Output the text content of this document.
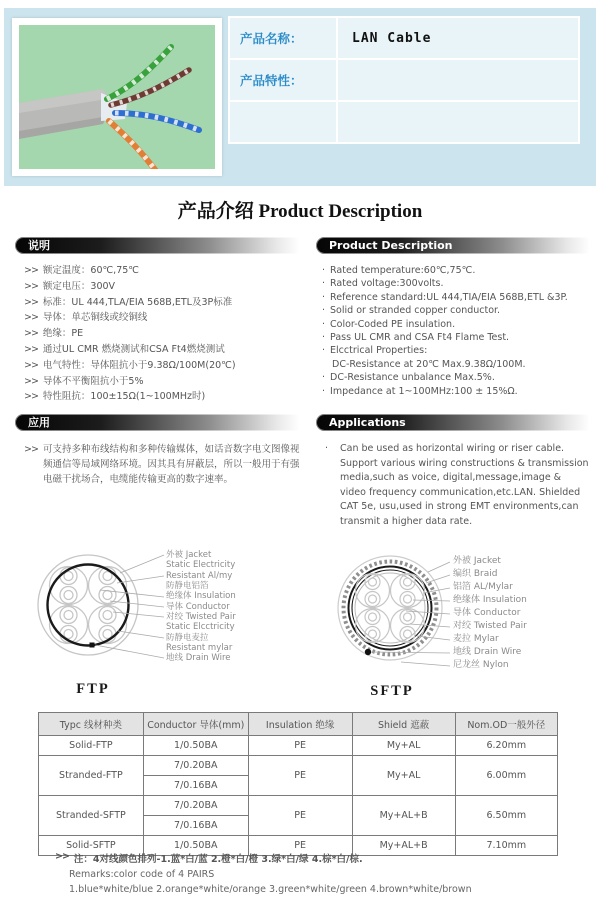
产品名称：	LAN Cable
产品特性：	

产品介绍 Product Description
说明
>> 额定温度：60℃,75℃
>> 额定电压：300V
>> 标准：UL 444,TLA/EIA 568B,ETL及3P标准
>> 导体：单芯铜线或绞铜线
>> 绝缘：PE
>> 通过UL CMR 燃烧测试和CSA Ft4燃烧测试
>> 电气特性：导体阻抗小于9.38Ω/100M(20℃)
>> 导体不平衡阻抗小于5%
>> 特性阻抗：100±15Ω(1~100MHz时)
Product Description
· Rated temperature:60℃,75℃.
· Rated voltage:300volts.
· Reference standard:UL 444,TIA/EIA 568B,ETL &3P.
· Solid or stranded copper conductor.
· Color-Coded PE insulation.
· Pass UL CMR and CSA Ft4 Flame Test.
· Elcctrical Properties:
DC-Resistance at 20℃ Max.9.38Ω/100M.
· DC-Resistance unbalance Max.5%.
· Impedance at 1~100MHz:100 ± 15%Ω.
应用
>> 可支持多种布线结构和多种传输媒体，如话音数字电文图像视频通信等局域网络环境。因其具有屏蔽层，所以一般用于有强电磁干扰场合，电缆能传输更高的数字速率。
Applications
·	Can be used as horizontal wiring or riser cable. Support various wiring constructions & transmission media,such as voice, digital,message,image & video frequency communication,etc.LAN. Shielded CAT 5e, usu,used in strong EMT environments,can transmit a higher data rate.
外被 Jacket
Static Electricity
Resistant Al/my
防静电铝箔
绝缘体 Insulation
导体 Conductor
对绞 Twisted Pair
Static Elcctricity
防静电麦拉
Resistant mylar
地线 Drain Wire
外被 Jacket
编织 Braid
铝箔 AL/Mylar
绝缘体 Insulation
导体 Conductor
对绞 Twisted Pair
麦拉 Mylar
地线 Drain Wire
尼龙丝 Nylon
FTP	SFTP
Typc 线材种类	Conductor 导体(mm)	Insulation 绝缘	Shield 遮蔽	Nom.OD一般外径
Solid-FTP	1/0.50BA	PE	My+AL	6.20mm
Stranded-FTP	7/0.20BA	PE	My+AL	6.00mm
	7/0.16BA			
Stranded-SFTP	7/0.20BA	PE	My+AL+B	6.50mm
	7/0.16BA			
Solid-SFTP	1/0.50BA	PE	My+AL+B	7.10mm
>> 注：4对线颜色排列-1.蓝*白/蓝 2.橙*白/橙 3.绿*白/绿 4.棕*白/棕.
Remarks:color code of 4 PAIRS
1.blue*white/blue 2.orange*white/orange 3.green*white/green 4.brown*white/brown
